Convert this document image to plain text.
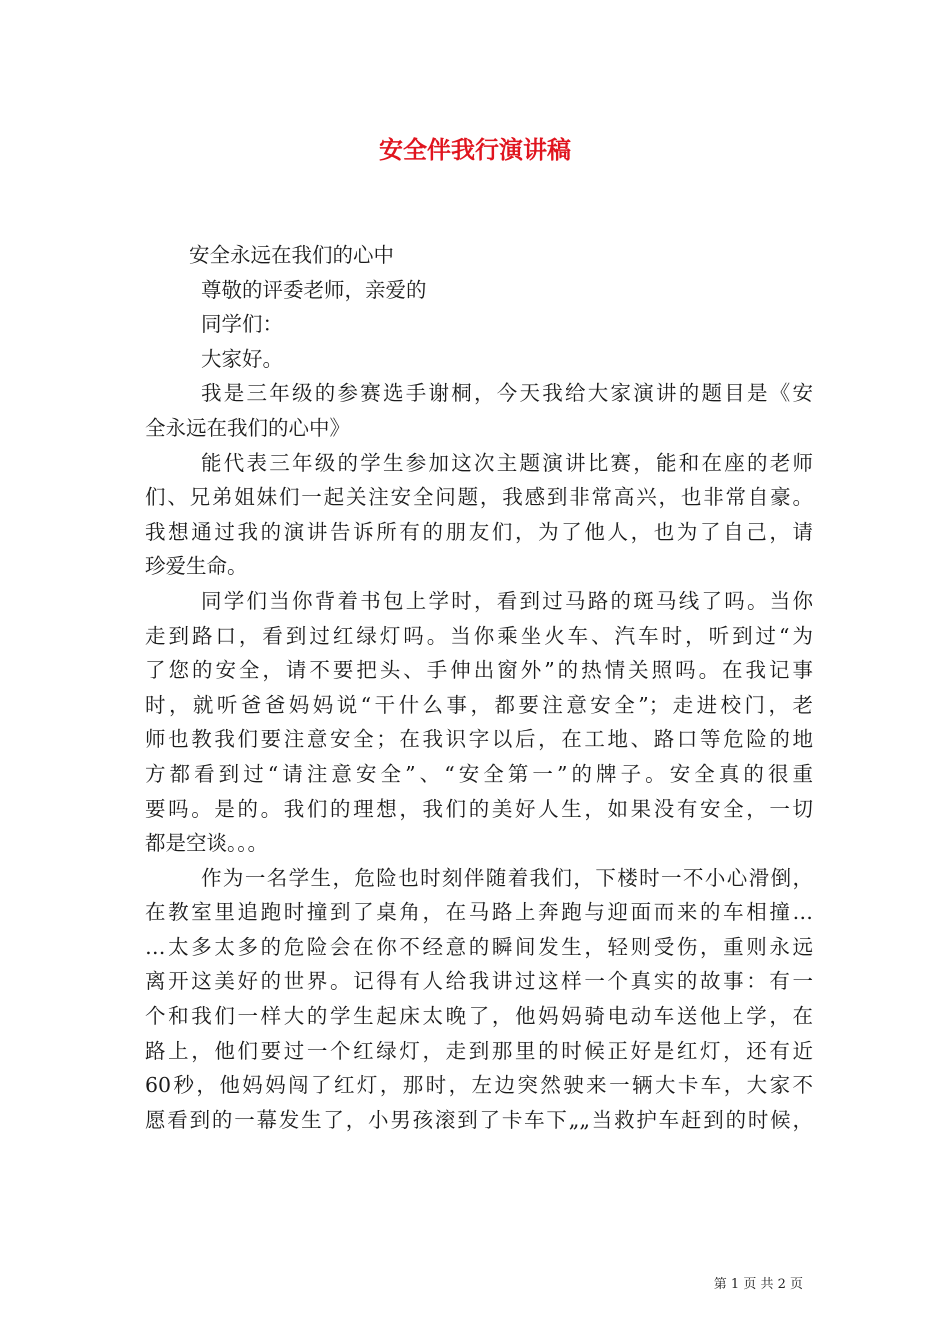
安全伴我行演讲稿
安全永远在我们的心中
尊敬的评委老师，亲爱的
同学们：
大家好。
我是三年级的参赛选手谢桐，今天我给大家演讲的题目是《安
全永远在我们的心中》
能代表三年级的学生参加这次主题演讲比赛，能和在座的老师
们、兄弟姐妹们一起关注安全问题，我感到非常高兴，也非常自豪。
我想通过我的演讲告诉所有的朋友们，为了他人，也为了自己，请
珍爱生命。
同学们当你背着书包上学时，看到过马路的斑马线了吗。当你
走到路口，看到过红绿灯吗。当你乘坐火车、汽车时，听到过“为
了您的安全，请不要把头、手伸出窗外”的热情关照吗。在我记事
时，就听爸爸妈妈说“干什么事，都要注意安全”；走进校门，老
师也教我们要注意安全；在我识字以后，在工地、路口等危险的地
方都看到过“请注意安全”、“安全第一”的牌子。安全真的很重
要吗。是的。我们的理想，我们的美好人生，如果没有安全，一切
都是空谈。。。
作为一名学生，危险也时刻伴随着我们，下楼时一不小心滑倒，
在教室里追跑时撞到了桌角，在马路上奔跑与迎面而来的车相撞…
…太多太多的危险会在你不经意的瞬间发生，轻则受伤，重则永远
离开这美好的世界。记得有人给我讲过这样一个真实的故事：有一
个和我们一样大的学生起床太晚了，他妈妈骑电动车送他上学，在
路上，他们要过一个红绿灯，走到那里的时候正好是红灯，还有近
60秒，他妈妈闯了红灯，那时，左边突然驶来一辆大卡车，大家不
愿看到的一幕发生了，小男孩滚到了卡车下„„当救护车赶到的时候，
第 1 页 共 2 页
